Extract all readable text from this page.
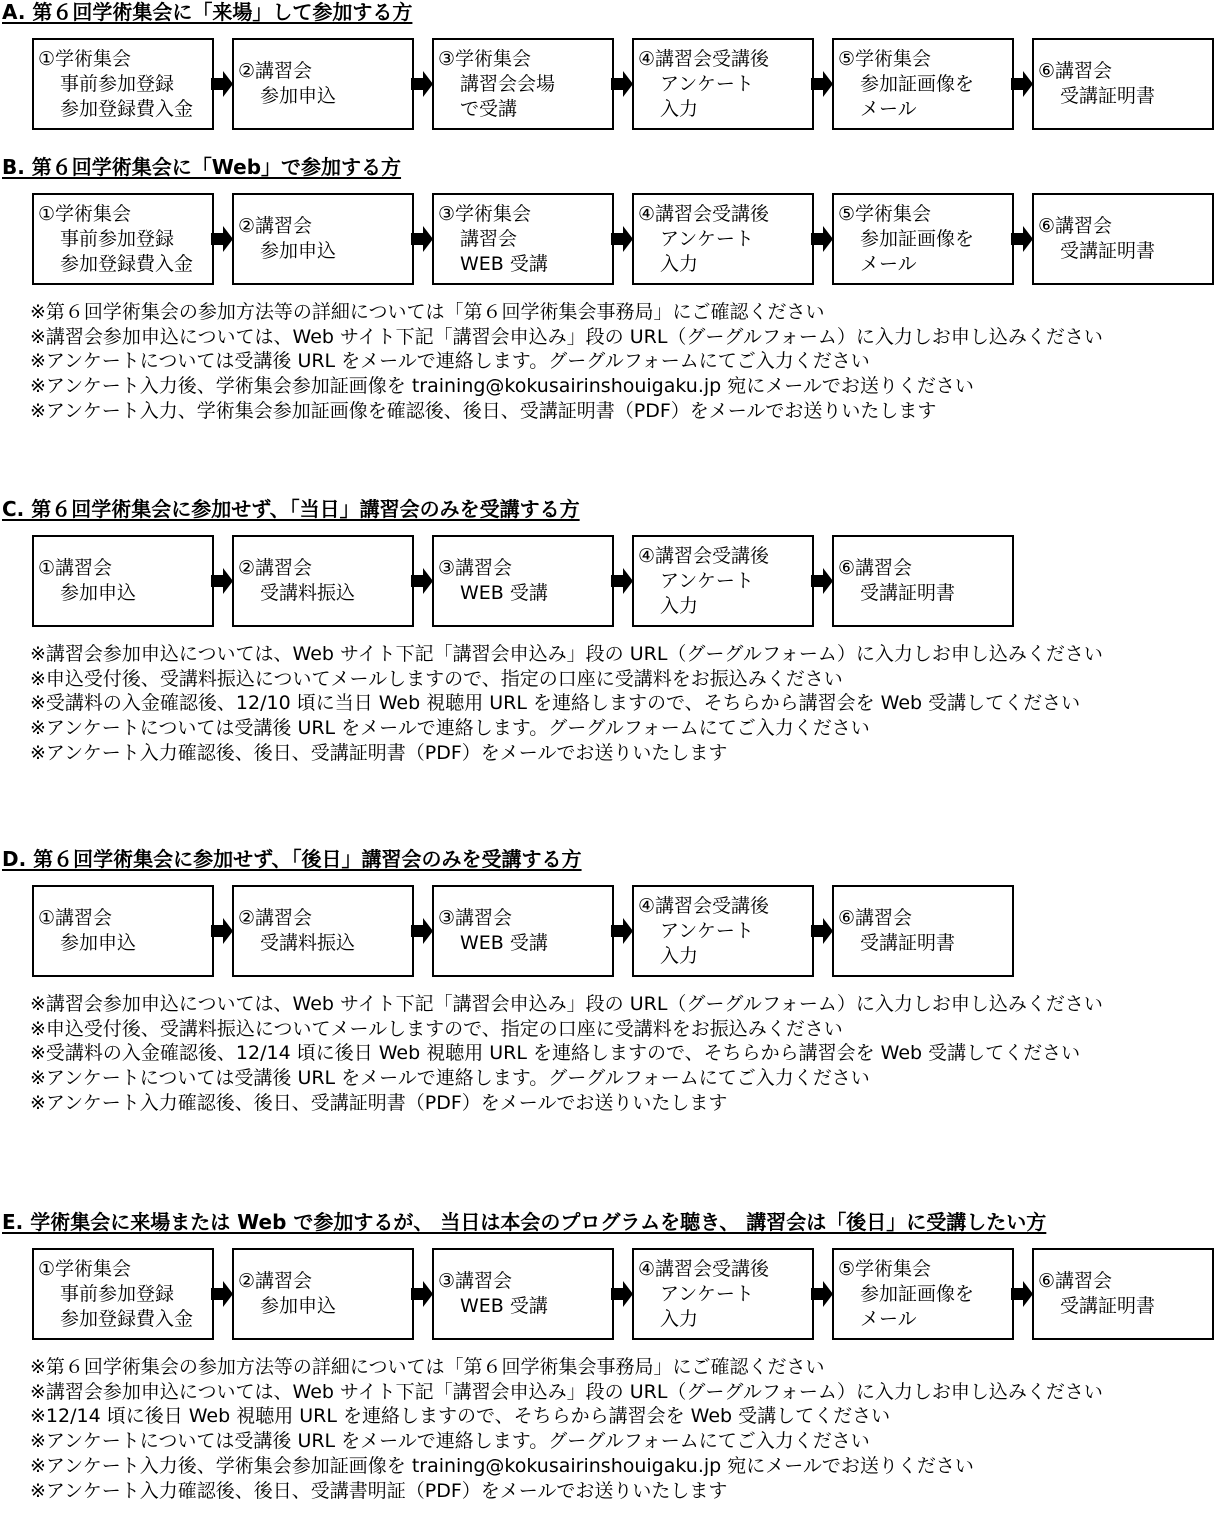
A. 第６回学術集会に「来場」して参加する方
①学術集会
事前参加登録
参加登録費入金
②講習会
参加申込
③学術集会
講習会会場
で受講
④講習会受講後
アンケート
入力
⑤学術集会
参加証画像を
メール
⑥講習会
受講証明書
B. 第６回学術集会に「Web」で参加する方
①学術集会
事前参加登録
参加登録費入金
②講習会
参加申込
③学術集会
講習会
WEB 受講
④講習会受講後
アンケート
入力
⑤学術集会
参加証画像を
メール
⑥講習会
受講証明書
※第６回学術集会の参加方法等の詳細については「第６回学術集会事務局」にご確認ください
※講習会参加申込については、Web サイト下記「講習会申込み」段の URL（グーグルフォーム）に入力しお申し込みください
※アンケートについては受講後 URL をメールで連絡します。グーグルフォームにてご入力ください
※アンケート入力後、学術集会参加証画像を training@kokusairinshouigaku.jp 宛にメールでお送りください
※アンケート入力、学術集会参加証画像を確認後、後日、受講証明書（PDF）をメールでお送りいたします
C. 第６回学術集会に参加せず、「当日」講習会のみを受講する方
①講習会
参加申込
②講習会
受講料振込
③講習会
WEB 受講
④講習会受講後
アンケート
入力
⑥講習会
受講証明書
※講習会参加申込については、Web サイト下記「講習会申込み」段の URL（グーグルフォーム）に入力しお申し込みください
※申込受付後、受講料振込についてメールしますので、指定の口座に受講料をお振込みください
※受講料の入金確認後、12/10 頃に当日 Web 視聴用 URL を連絡しますので、そちらから講習会を Web 受講してください
※アンケートについては受講後 URL をメールで連絡します。グーグルフォームにてご入力ください
※アンケート入力確認後、後日、受講証明書（PDF）をメールでお送りいたします
D. 第６回学術集会に参加せず、「後日」講習会のみを受講する方
①講習会
参加申込
②講習会
受講料振込
③講習会
WEB 受講
④講習会受講後
アンケート
入力
⑥講習会
受講証明書
※講習会参加申込については、Web サイト下記「講習会申込み」段の URL（グーグルフォーム）に入力しお申し込みください
※申込受付後、受講料振込についてメールしますので、指定の口座に受講料をお振込みください
※受講料の入金確認後、12/14 頃に後日 Web 視聴用 URL を連絡しますので、そちらから講習会を Web 受講してください
※アンケートについては受講後 URL をメールで連絡します。グーグルフォームにてご入力ください
※アンケート入力確認後、後日、受講証明書（PDF）をメールでお送りいたします
E. 学術集会に来場または Web で参加するが、 当日は本会のプログラムを聴き、 講習会は「後日」に受講したい方
①学術集会
事前参加登録
参加登録費入金
②講習会
参加申込
③講習会
WEB 受講
④講習会受講後
アンケート
入力
⑤学術集会
参加証画像を
メール
⑥講習会
受講証明書
※第６回学術集会の参加方法等の詳細については「第６回学術集会事務局」にご確認ください
※講習会参加申込については、Web サイト下記「講習会申込み」段の URL（グーグルフォーム）に入力しお申し込みください
※12/14 頃に後日 Web 視聴用 URL を連絡しますので、そちらから講習会を Web 受講してください
※アンケートについては受講後 URL をメールで連絡します。グーグルフォームにてご入力ください
※アンケート入力後、学術集会参加証画像を training@kokusairinshouigaku.jp 宛にメールでお送りください
※アンケート入力確認後、後日、受講書明証（PDF）をメールでお送りいたします
